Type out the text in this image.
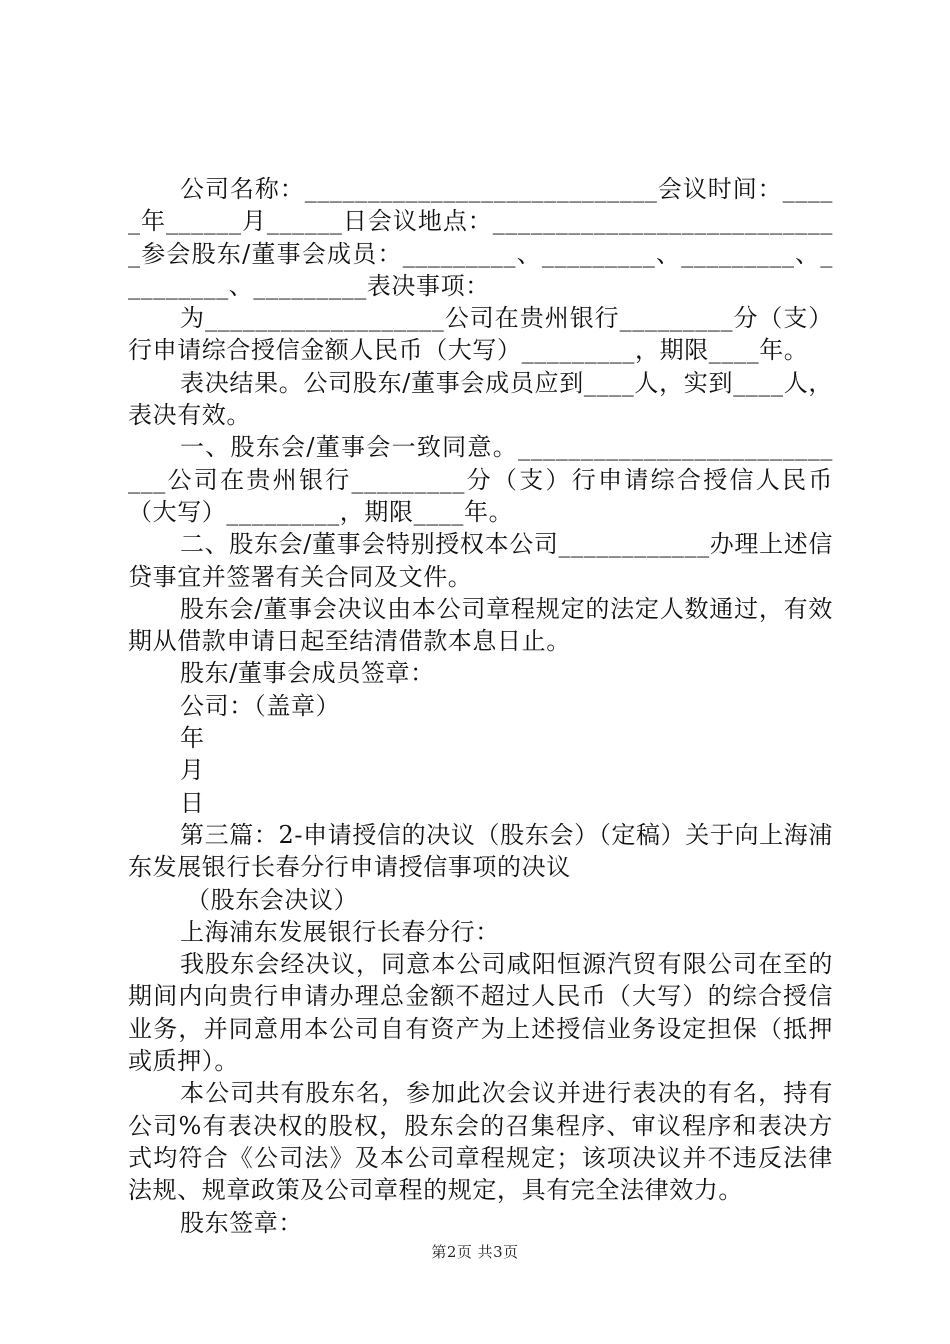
公司名称：____________________________会议时间：_____年______月______日会议地点：____________________________参会股东/董事会成员：_________、_________、_________、_________、_________表决事项：

为___________________公司在贵州银行_________分（支）行申请综合授信金额人民币（大写）_________，期限____年。

表决结果。公司股东/董事会成员应到____人，实到____人，表决有效。

一、股东会/董事会一致同意。____________________________公司在贵州银行_________分（支）行申请综合授信人民币（大写）_________，期限____年。

二、股东会/董事会特别授权本公司____________办理上述信贷事宜并签署有关合同及文件。

股东会/董事会决议由本公司章程规定的法定人数通过，有效期从借款申请日起至结清借款本息日止。

股东/董事会成员签章：

公司：（盖章）

年

月

日

第三篇：2-申请授信的决议（股东会）（定稿）关于向上海浦东发展银行长春分行申请授信事项的决议

（股东会决议）

上海浦东发展银行长春分行：

我股东会经决议，同意本公司咸阳恒源汽贸有限公司在至的期间内向贵行申请办理总金额不超过人民币（大写）的综合授信业务，并同意用本公司自有资产为上述授信业务设定担保（抵押或质押）。

本公司共有股东名，参加此次会议并进行表决的有名，持有公司%有表决权的股权，股东会的召集程序、审议程序和表决方式均符合《公司法》及本公司章程规定；该项决议并不违反法律法规、规章政策及公司章程的规定，具有完全法律效力。

股东签章：

第2页 共3页
